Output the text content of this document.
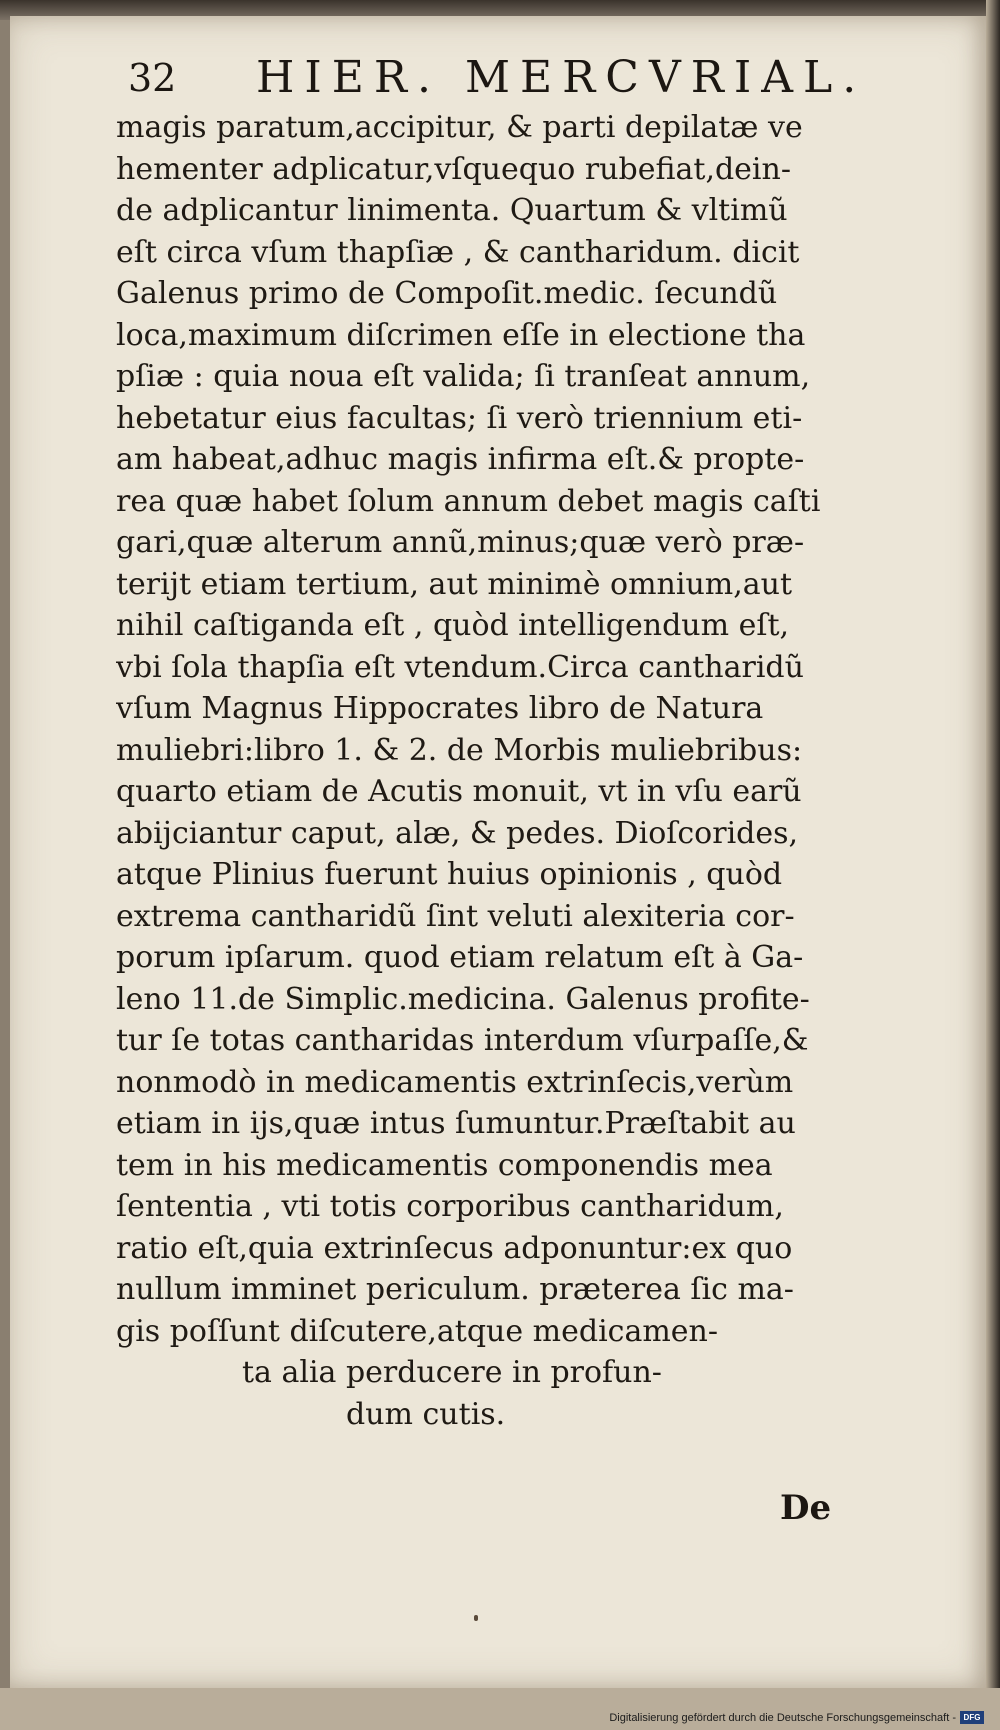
32 HIER. MERCVRIAL.
magis paratum,accipitur, & parti depilatæ ve
hementer adplicatur,vſquequo rubefiat,dein-
de adplicantur linimenta. Quartum & vltimũ
eſt circa vſum thapſiæ , & cantharidum. dicit
Galenus primo de Compoſit.medic. ſecundũ
loca,maximum diſcrimen eſſe in electione tha
pſiæ : quia noua eſt valida; ſi tranſeat annum,
hebetatur eius facultas; ſi verò triennium eti-
am habeat,adhuc magis infirma eſt.& propte-
rea quæ habet ſolum annum debet magis caſti
gari,quæ alterum annũ,minus;quæ verò præ-
terijt etiam tertium, aut minimè omnium,aut
nihil caſtiganda eſt , quòd intelligendum eſt,
vbi ſola thapſia eſt vtendum.Circa cantharidũ
vſum Magnus Hippocrates libro de Natura
muliebri:libro 1. & 2. de Morbis muliebribus:
quarto etiam de Acutis monuit, vt in vſu earũ
abijciantur caput, alæ, & pedes. Dioſcorides,
atque Plinius fuerunt huius opinionis , quòd
extrema cantharidũ ſint veluti alexiteria cor-
porum ipſarum. quod etiam relatum eſt à Ga-
leno 11.de Simplic.medicina. Galenus profite-
tur ſe totas cantharidas interdum vſurpaſſe,&
nonmodò in medicamentis extrinſecis,verùm
etiam in ijs,quæ intus ſumuntur.Præſtabit au
tem in his medicamentis componendis mea
ſententia , vti totis corporibus cantharidum,
ratio eſt,quia extrinſecus adponuntur:ex quo
nullum imminet periculum. præterea ſic ma-
gis poſſunt diſcutere,atque medicamen-
ta alia perducere in profun-
dum cutis.
De
Digitalisierung gefördert durch die Deutsche Forschungsgemeinschaft - DFG
